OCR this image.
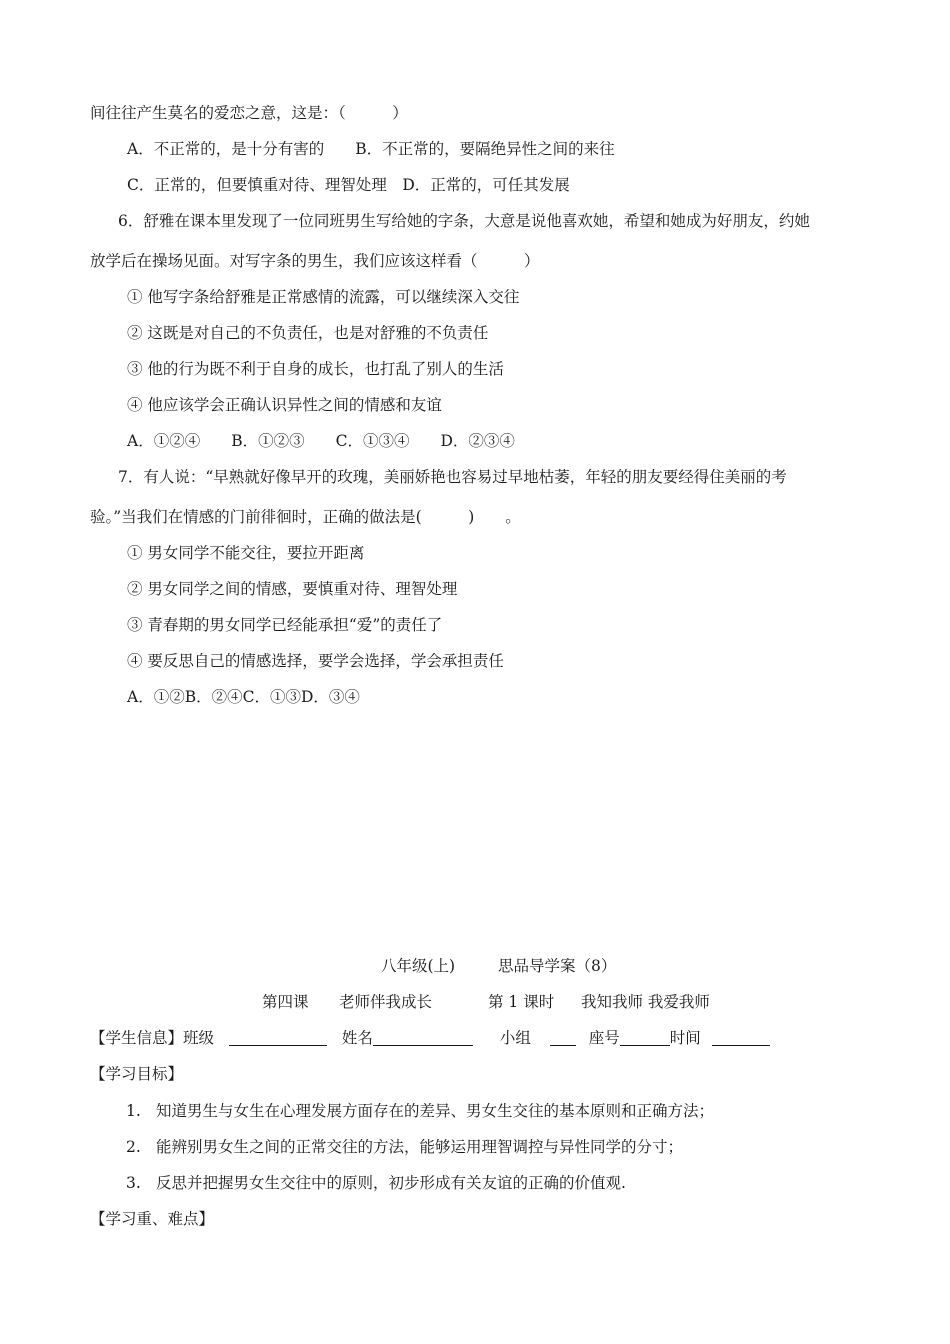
间往往产生莫名的爱恋之意，这是：（　　　）
A．不正常的，是十分有害的　　B．不正常的，要隔绝异性之间的来往
C．正常的，但要慎重对待、理智处理　D．正常的，可任其发展
6．舒雅在课本里发现了一位同班男生写给她的字条，大意是说他喜欢她，希望和她成为好朋友，约她
放学后在操场见面。对写字条的男生，我们应该这样看（　　　）
① 他写字条给舒雅是正常感情的流露，可以继续深入交往
② 这既是对自己的不负责任，也是对舒雅的不负责任
③ 他的行为既不利于自身的成长，也打乱了别人的生活
④ 他应该学会正确认识异性之间的情感和友谊
A．①②④　　B．①②③　　C．①③④　　D．②③④
7．有人说：“早熟就好像早开的玫瑰，美丽娇艳也容易过早地枯萎，年轻的朋友要经得住美丽的考
验。”当我们在情感的门前徘徊时，正确的做法是(　　　)　　。
① 男女同学不能交往，要拉开距离
② 男女同学之间的情感，要慎重对待、理智处理
③ 青春期的男女同学已经能承担“爱”的责任了
④ 要反思自己的情感选择，要学会选择，学会承担责任
A．①②B．②④C．①③D．③④
八年级(上)	思品导学案（8）
第四课 老师伴我成长	第 1 课时 我知我师 我爱我师
【学生信息】班级	姓名	小组	座号	时间
【学习目标】
1. 知道男生与女生在心理发展方面存在的差异、男女生交往的基本原则和正确方法；
2. 能辨别男女生之间的正常交往的方法，能够运用理智调控与异性同学的分寸；
3. 反思并把握男女生交往中的原则，初步形成有关友谊的正确的价值观.
【学习重、难点】
